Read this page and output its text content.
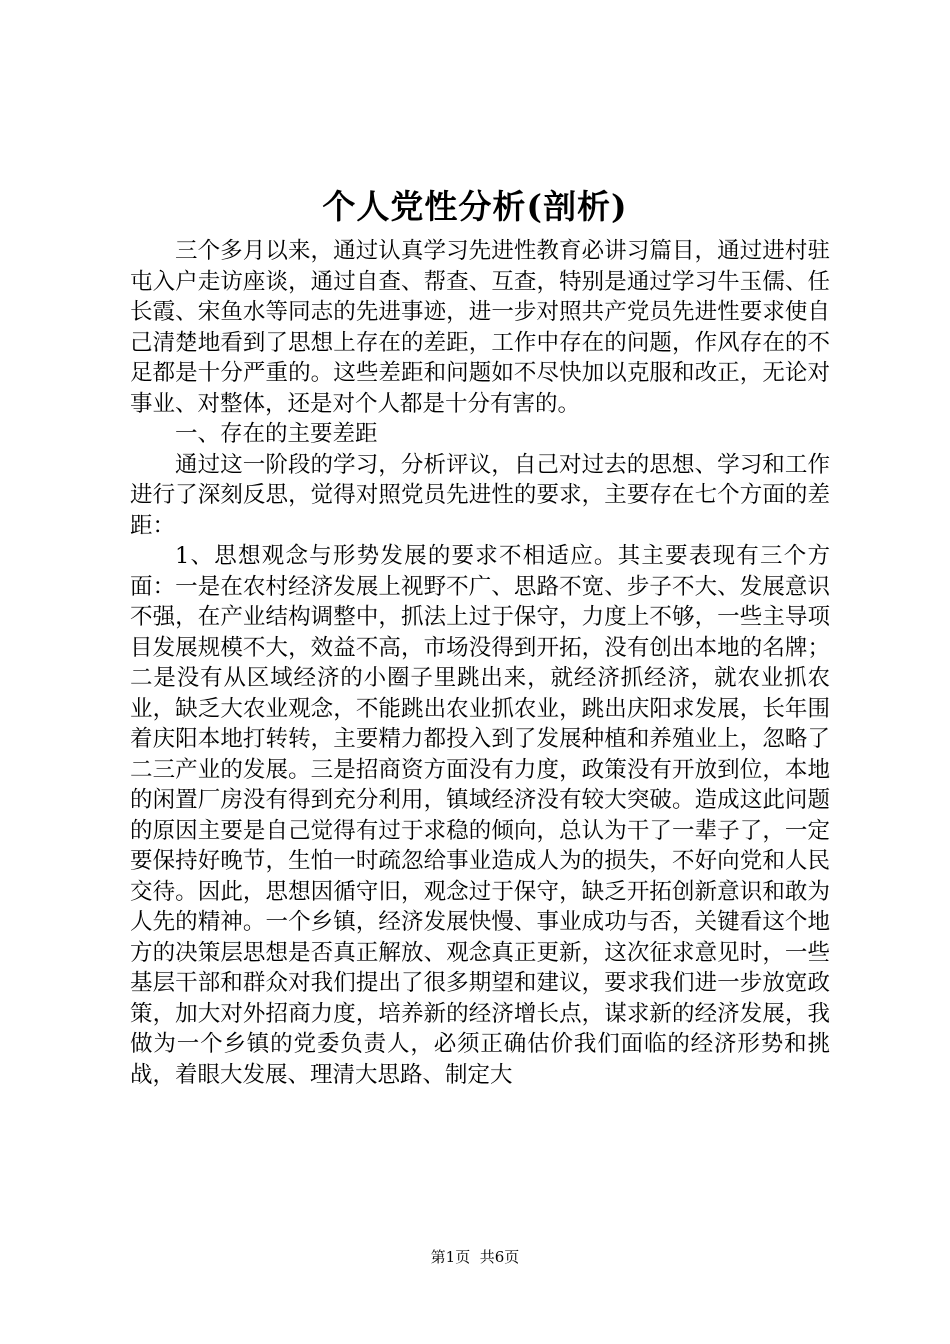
个人党性分析(剖析)

三个多月以来，通过认真学习先进性教育必讲习篇目，通过进村驻屯入户走访座谈，通过自查、帮查、互查，特别是通过学习牛玉儒、任长霞、宋鱼水等同志的先进事迹，进一步对照共产党员先进性要求使自己清楚地看到了思想上存在的差距，工作中存在的问题，作风存在的不足都是十分严重的。这些差距和问题如不尽快加以克服和改正，无论对事业、对整体，还是对个人都是十分有害的。

一、存在的主要差距

通过这一阶段的学习，分析评议，自己对过去的思想、学习和工作进行了深刻反思，觉得对照党员先进性的要求，主要存在七个方面的差距：

1、思想观念与形势发展的要求不相适应。其主要表现有三个方面：一是在农村经济发展上视野不广、思路不宽、步子不大、发展意识不强，在产业结构调整中，抓法上过于保守，力度上不够，一些主导项目发展规模不大，效益不高，市场没得到开拓，没有创出本地的名牌；二是没有从区域经济的小圈子里跳出来，就经济抓经济，就农业抓农业，缺乏大农业观念，不能跳出农业抓农业，跳出庆阳求发展，长年围着庆阳本地打转转，主要精力都投入到了发展种植和养殖业上，忽略了二三产业的发展。三是招商资方面没有力度，政策没有开放到位，本地的闲置厂房没有得到充分利用，镇域经济没有较大突破。造成这此问题的原因主要是自己觉得有过于求稳的倾向，总认为干了一辈子了，一定要保持好晚节，生怕一时疏忽给事业造成人为的损失，不好向党和人民交待。因此，思想因循守旧，观念过于保守，缺乏开拓创新意识和敢为人先的精神。一个乡镇，经济发展快慢、事业成功与否，关键看这个地方的决策层思想是否真正解放、观念真正更新，这次征求意见时，一些基层干部和群众对我们提出了很多期望和建议，要求我们进一步放宽政策，加大对外招商力度，培养新的经济增长点，谋求新的经济发展，我做为一个乡镇的党委负责人，必须正确估价我们面临的经济形势和挑战，着眼大发展、理清大思路、制定大

第1页 共6页
